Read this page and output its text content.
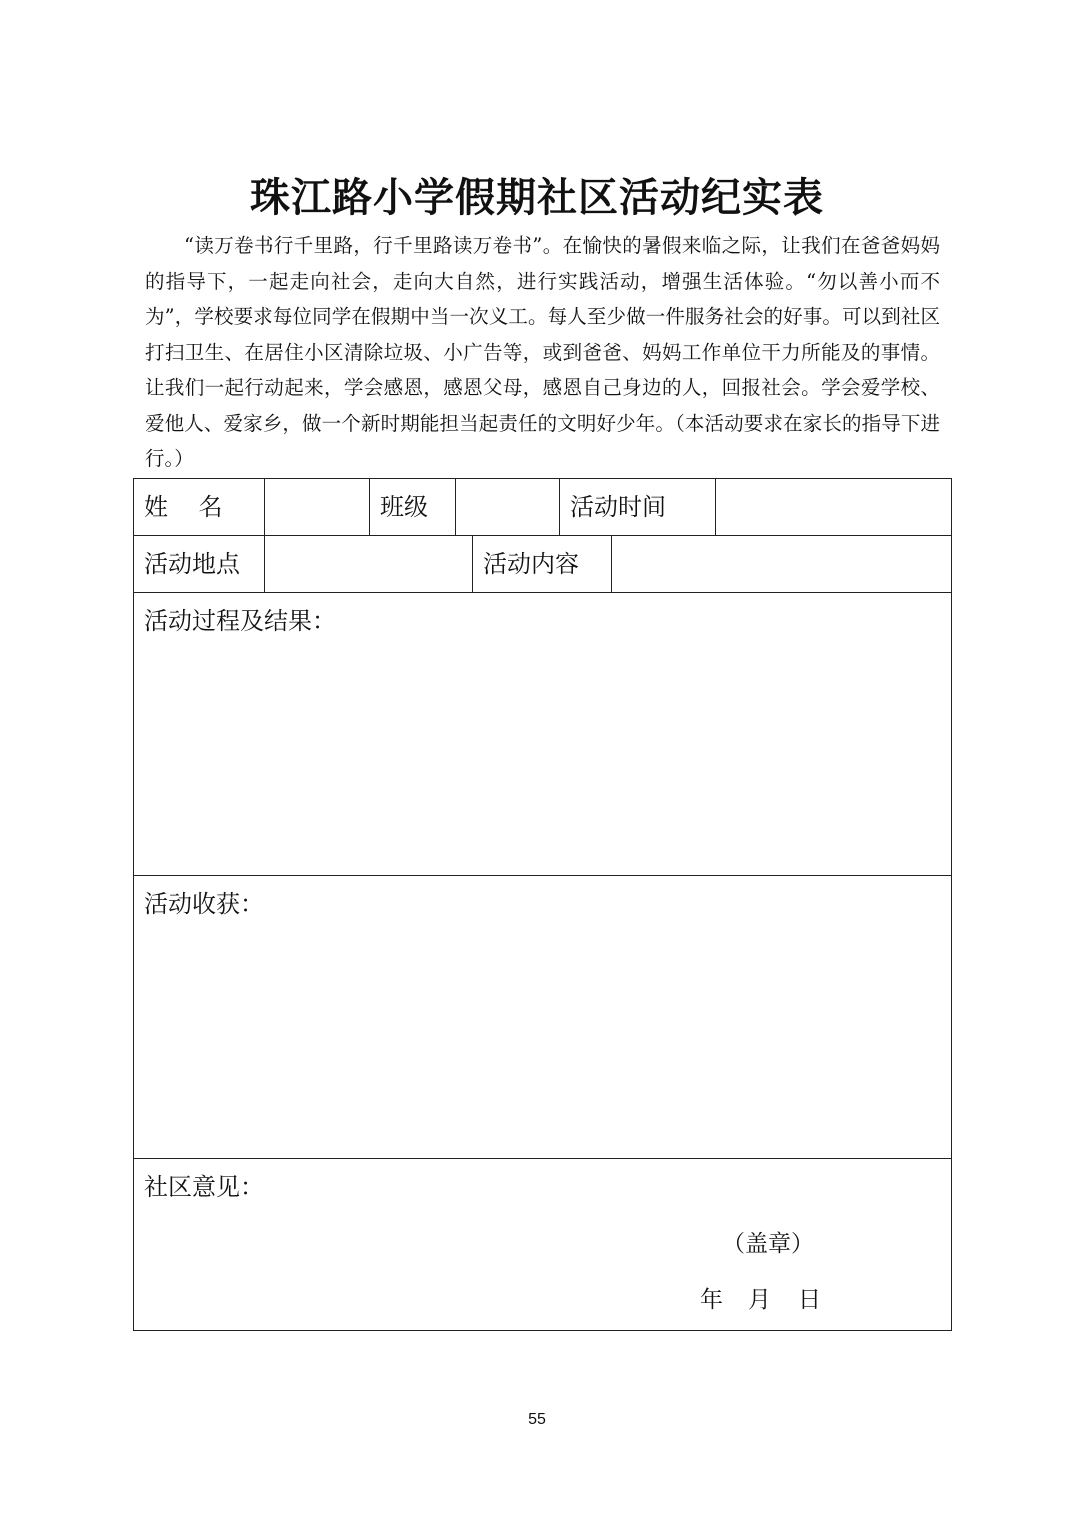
珠江路小学假期社区活动纪实表

“读万卷书行千里路，行千里路读万卷书”。在愉快的暑假来临之际，让我们在爸爸妈妈的指导下，一起走向社会，走向大自然，进行实践活动，增强生活体验。“勿以善小而不为”，学校要求每位同学在假期中当一次义工。每人至少做一件服务社会的好事。可以到社区打扫卫生、在居住小区清除垃圾、小广告等，或到爸爸、妈妈工作单位干力所能及的事情。让我们一起行动起来，学会感恩，感恩父母，感恩自己身边的人，回报社会。学会爱学校、爱他人、爱家乡，做一个新时期能担当起责任的文明好少年。（本活动要求在家长的指导下进行。）

姓    名	班级	活动时间
活动地点	活动内容
活动过程及结果：
活动收获：
社区意见：
（盖章）
年	月	日
55
